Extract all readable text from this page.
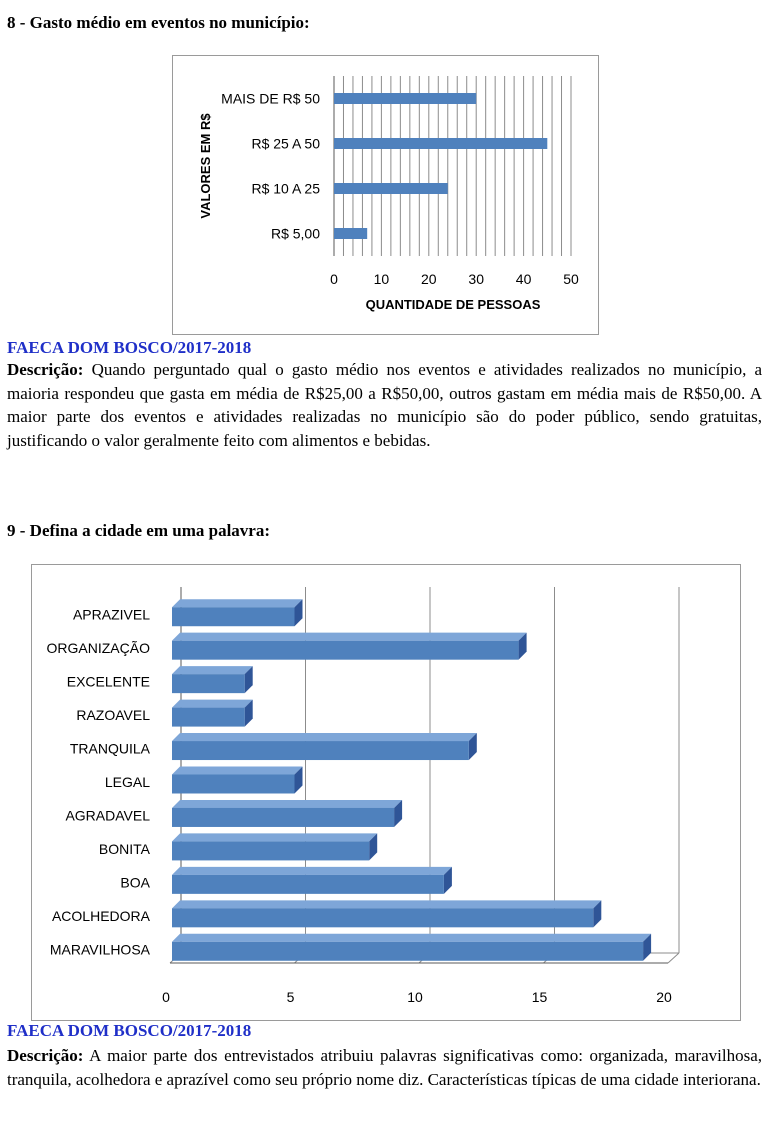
8 - Gasto médio em eventos no município:
MAIS DE R$ 50
R$ 25 A 50
R$ 10 A 25
R$ 5,00
0	10 20 30 40 50
QUANTIDADE DE PESSOAS
VALORES EM R$
FAECA DOM BOSCO/2017-2018
Descrição: Quando perguntado qual o gasto médio nos eventos e atividades realizados no município, a maioria respondeu que gasta em média de R$25,00 a R$50,00, outros gastam em média mais de R$50,00. A maior parte dos eventos e atividades realizadas no município são do poder público, sendo gratuitas, justificando o valor geralmente feito com alimentos e bebidas.
9 - Defina a cidade em uma palavra:
APRAZIVEL
ORGANIZAÇÃO
EXCELENTE
RAZOAVEL
TRANQUILA
LEGAL
AGRADAVEL
BONITA
BOA
ACOLHEDORA
MARAVILHOSA
0	5	10	15	20
FAECA DOM BOSCO/2017-2018
Descrição: A maior parte dos entrevistados atribuiu palavras significativas como: organizada, maravilhosa, tranquila, acolhedora e aprazível como seu próprio nome diz. Características típicas de uma cidade interiorana.
